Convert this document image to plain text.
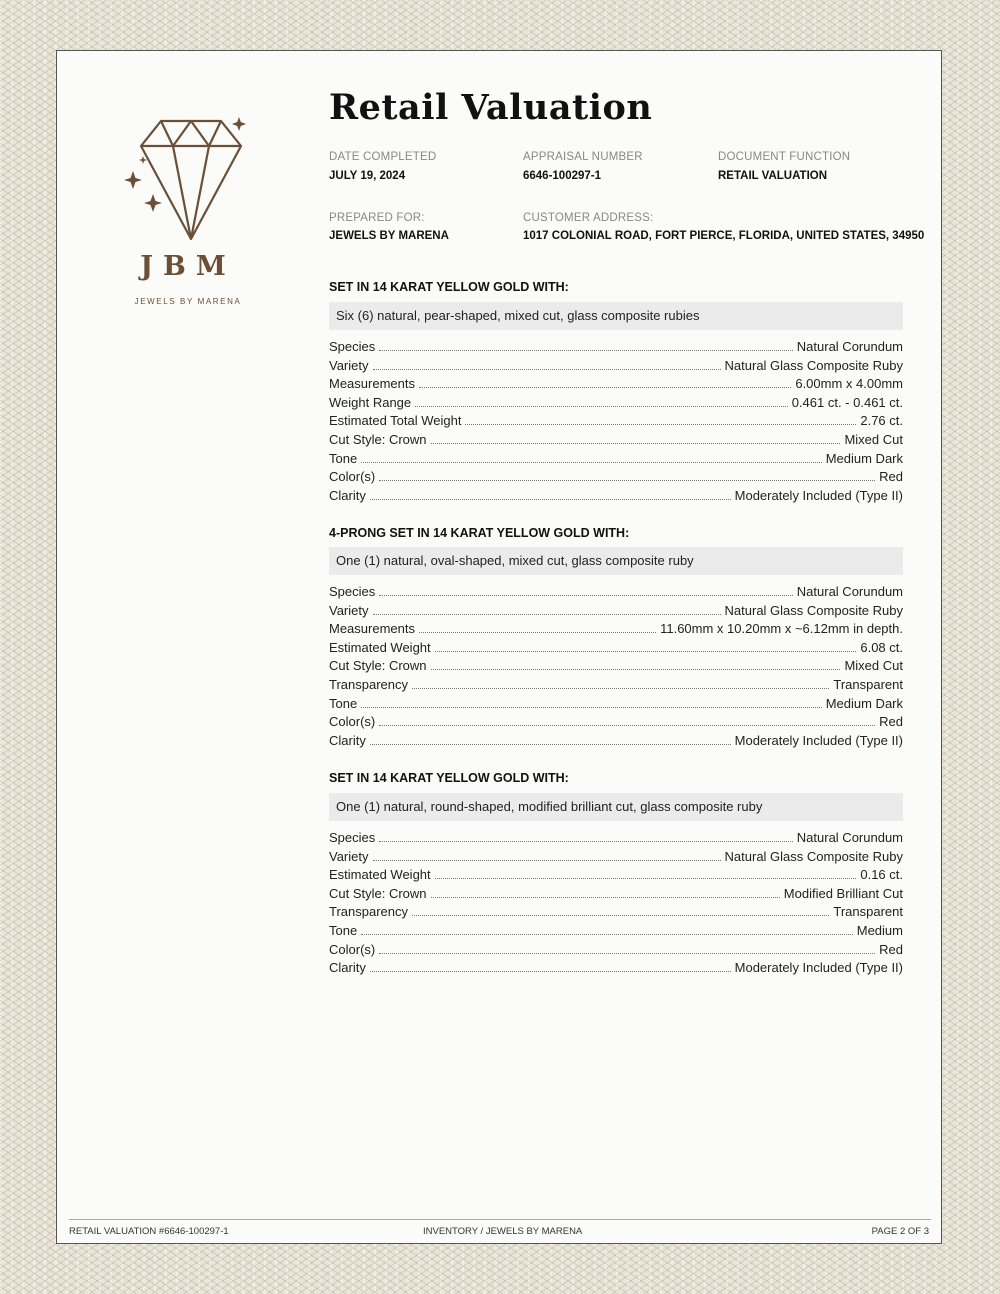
JBM
JEWELS BY MARENA
Retail Valuation
DATE COMPLETED
JULY 19, 2024
APPRAISAL NUMBER
6646-100297-1
DOCUMENT FUNCTION
RETAIL VALUATION
PREPARED FOR:
JEWELS BY MARENA
CUSTOMER ADDRESS:
1017 COLONIAL ROAD, FORT PIERCE, FLORIDA, UNITED STATES, 34950
SET IN 14 KARAT YELLOW GOLD WITH:
Six (6) natural, pear-shaped, mixed cut, glass composite rubies
Species	Natural Corundum
Variety	Natural Glass Composite Ruby
Measurements	6.00mm x 4.00mm
Weight Range	0.461 ct. - 0.461 ct.
Estimated Total Weight	2.76 ct.
Cut Style: Crown	Mixed Cut
Tone	Medium Dark
Color(s)	Red
Clarity	Moderately Included (Type II)
4-PRONG SET IN 14 KARAT YELLOW GOLD WITH:
One (1) natural, oval-shaped, mixed cut, glass composite ruby
Species	Natural Corundum
Variety	Natural Glass Composite Ruby
Measurements	11.60mm x 10.20mm x ~6.12mm in depth.
Estimated Weight	6.08 ct.
Cut Style: Crown	Mixed Cut
Transparency	Transparent
Tone	Medium Dark
Color(s)	Red
Clarity	Moderately Included (Type II)
SET IN 14 KARAT YELLOW GOLD WITH:
One (1) natural, round-shaped, modified brilliant cut, glass composite ruby
Species	Natural Corundum
Variety	Natural Glass Composite Ruby
Estimated Weight	0.16 ct.
Cut Style: Crown	Modified Brilliant Cut
Transparency	Transparent
Tone	Medium
Color(s)	Red
Clarity	Moderately Included (Type II)
RETAIL VALUATION #6646-100297-1	INVENTORY / JEWELS BY MARENA	PAGE 2 OF 3
